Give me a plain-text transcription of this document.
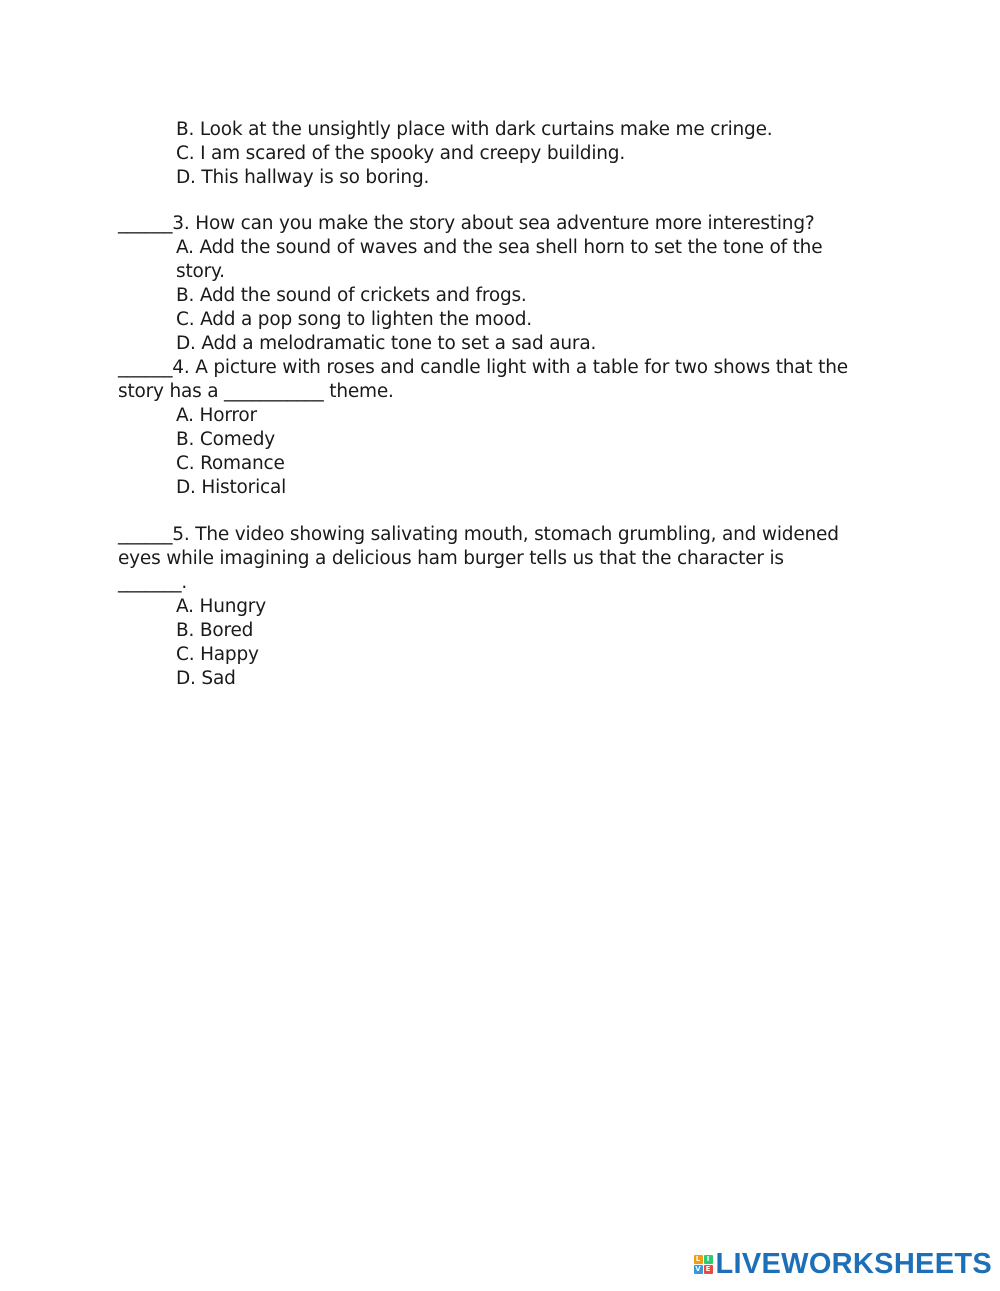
B. Look at the unsightly place with dark curtains make me cringe.
C. I am scared of the spooky and creepy building.
D. This hallway is so boring.
______3. How can you make the story about sea adventure more interesting?
A. Add the sound of waves and the sea shell horn to set the tone of the
story.
B. Add the sound of crickets and frogs.
C. Add a pop song to lighten the mood.
D. Add a melodramatic tone to set a sad aura.
______4. A picture with roses and candle light with a table for two shows that the
story has a ___________ theme.
A. Horror
B. Comedy
C. Romance
D. Historical
______5. The video showing salivating mouth, stomach grumbling, and widened
eyes while imagining a delicious ham burger tells us that the character is
_______.
A. Hungry
B. Bored
C. Happy
D. Sad
L I
V E LIVEWORKSHEETS
